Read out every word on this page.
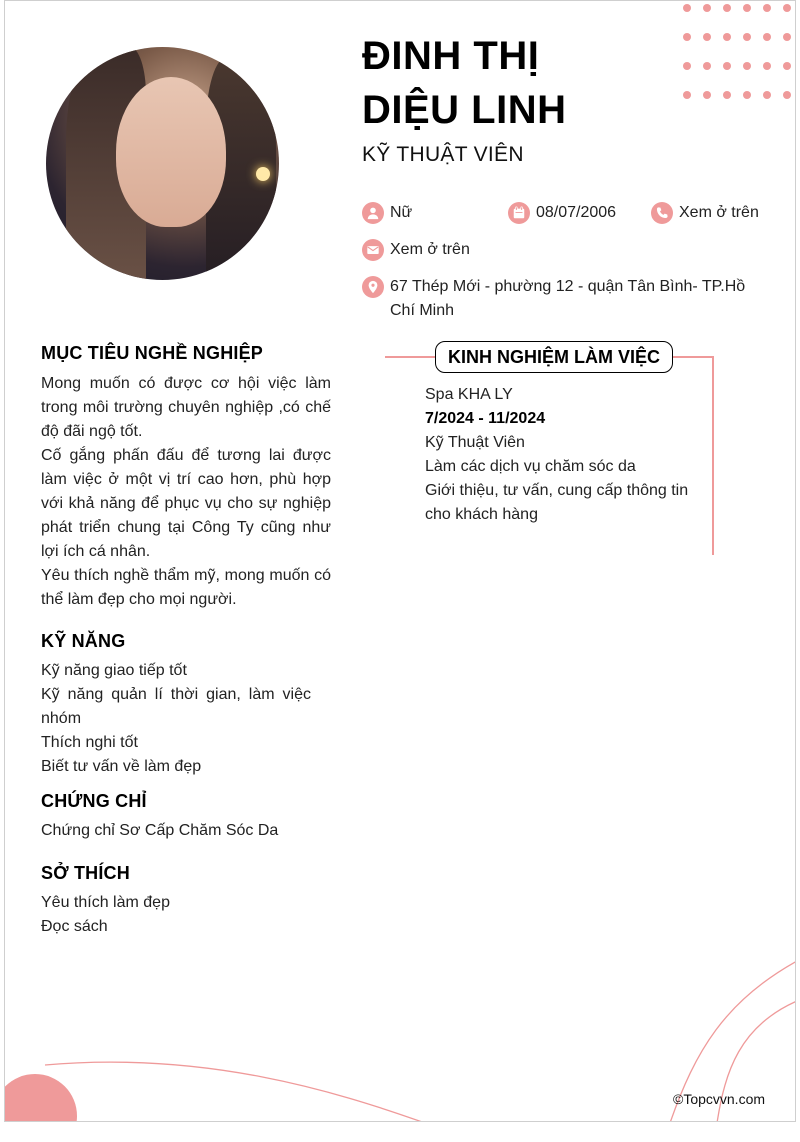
ĐINH THỊ
DIỆU LINH
KỸ THUẬT VIÊN
Nữ	08/07/2006	Xem ở trên
Xem ở trên
67 Thép Mới - phường 12 - quận Tân Bình- TP.Hồ Chí Minh
MỤC TIÊU NGHỀ NGHIỆP

Mong muốn có được cơ hội việc làm trong môi trường chuyên nghiệp ,có chế độ đãi ngộ tốt.

Cố gắng phấn đấu để tương lai được làm việc ở một vị trí cao hơn, phù hợp với khả năng để phục vụ cho sự nghiệp phát triển chung tại Công Ty cũng như lợi ích cá nhân.

Yêu thích nghề thẩm mỹ, mong muốn có thể làm đẹp cho mọi người.

KỸ NĂNG

Kỹ năng giao tiếp tốt

Kỹ năng quản lí thời gian, làm việc nhóm

Thích nghi tốt

Biết tư vấn về làm đẹp

CHỨNG CHỈ

Chứng chỉ Sơ Cấp Chăm Sóc Da

SỞ THÍCH

Yêu thích làm đẹp

Đọc sách

KINH NGHIỆM LÀM VIỆC
Spa KHA LY
7/2024 - 11/2024
Kỹ Thuật Viên
Làm các dịch vụ chăm sóc da
Giới thiệu, tư vấn, cung cấp thông tin cho khách hàng
©Topcvvn.com
